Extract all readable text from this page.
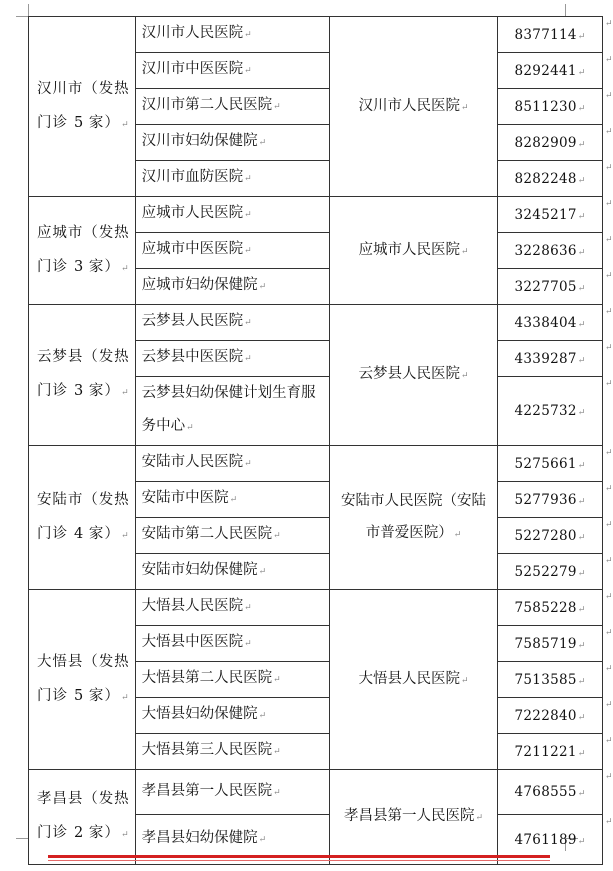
汉川市（发热门诊 5 家）↵	汉川市人民医院↵	汉川市人民医院↵	8377114↵
	汉川市中医医院↵		8292441↵
	汉川市第二人民医院↵		8511230↵
	汉川市妇幼保健院↵		8282909↵
	汉川市血防医院↵		8282248↵
应城市（发热门诊 3 家）↵	应城市人民医院↵	应城市人民医院↵	3245217↵
	应城市中医医院↵		3228636↵
	应城市妇幼保健院↵		3227705↵
云梦县（发热门诊 3 家）↵	云梦县人民医院↵	云梦县人民医院↵	4338404↵
	云梦县中医医院↵		4339287↵
	云梦县妇幼保健计划生育服务中心↵		4225732↵
安陆市（发热门诊 4 家）↵	安陆市人民医院↵	安陆市人民医院（安陆市普爱医院）↵	5275661↵
	安陆市中医院↵		5277936↵
	安陆市第二人民医院↵		5227280↵
	安陆市妇幼保健院↵		5252279↵
大悟县（发热门诊 5 家）↵	大悟县人民医院↵	大悟县人民医院↵	7585228↵
	大悟县中医医院↵		7585719↵
	大悟县第二人民医院↵		7513585↵
	大悟县妇幼保健院↵		7222840↵
	大悟县第三人民医院↵		7211221↵
孝昌县（发热门诊 2 家）↵	孝昌县第一人民医院↵	孝昌县第一人民医院↵	4768555↵
	孝昌县妇幼保健院↵		4761189↵
↵
↵
↵
↵
↵
↵
↵
↵
↵
↵
↵
↵
↵
↵
↵
↵
↵
↵
↵
↵
↵
↵
